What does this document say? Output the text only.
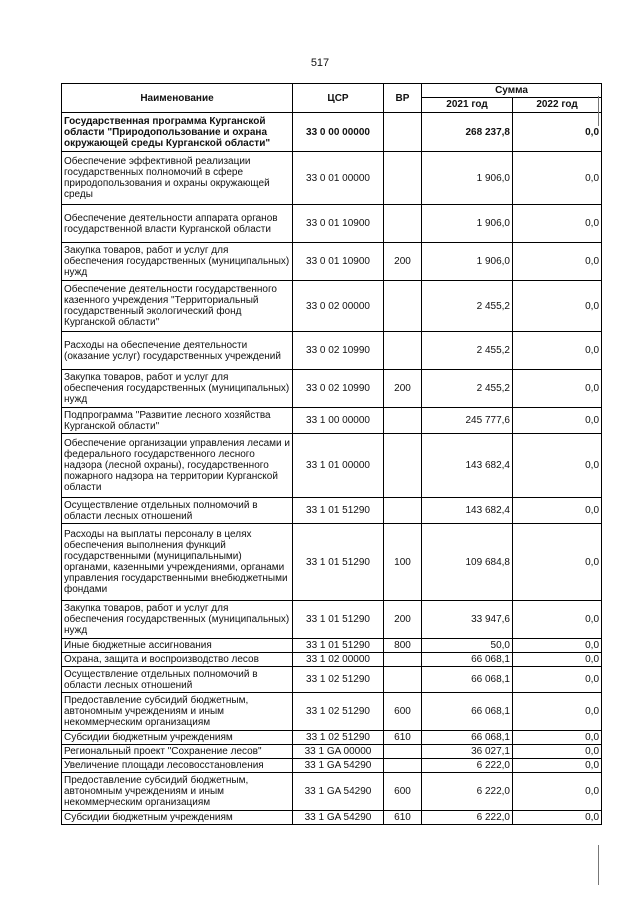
517
Наименование	ЦСР	ВР	Сумма	
			2021 год	2022 год
Государственная программа Курганской области "Природопользование и охрана окружающей среды Курганской области"	33 0 00 00000		268 237,8	0,0
Обеспечение эффективной реализации государственных полномочий в сфере природопользования и охраны окружающей среды	33 0 01 00000		1 906,0	0,0
Обеспечение деятельности аппарата органов государственной власти Курганской области	33 0 01 10900		1 906,0	0,0
Закупка товаров, работ и услуг для обеспечения государственных (муниципальных) нужд	33 0 01 10900	200	1 906,0	0,0
Обеспечение деятельности государственного казенного учреждения "Территориальный государственный экологический фонд Курганской области"	33 0 02 00000		2 455,2	0,0
Расходы на обеспечение деятельности (оказание услуг) государственных учреждений	33 0 02 10990		2 455,2	0,0
Закупка товаров, работ и услуг для обеспечения государственных (муниципальных) нужд	33 0 02 10990	200	2 455,2	0,0
Подпрограмма "Развитие лесного хозяйства Курганской области"	33 1 00 00000		245 777,6	0,0
Обеспечение организации управления лесами и федерального государственного лесного надзора (лесной охраны), государственного пожарного надзора на территории Курганской области	33 1 01 00000		143 682,4	0,0
Осуществление отдельных полномочий в области лесных отношений	33 1 01 51290		143 682,4	0,0
Расходы на выплаты персоналу в целях обеспечения выполнения функций государственными (муниципальными) органами, казенными учреждениями, органами управления государственными внебюджетными фондами	33 1 01 51290	100	109 684,8	0,0
Закупка товаров, работ и услуг для обеспечения государственных (муниципальных) нужд	33 1 01 51290	200	33 947,6	0,0
Иные бюджетные ассигнования	33 1 01 51290	800	50,0	0,0
Охрана, защита и воспроизводство лесов	33 1 02 00000		66 068,1	0,0
Осуществление отдельных полномочий в области лесных отношений	33 1 02 51290		66 068,1	0,0
Предоставление субсидий бюджетным, автономным учреждениям и иным некоммерческим организациям	33 1 02 51290	600	66 068,1	0,0
Субсидии бюджетным учреждениям	33 1 02 51290	610	66 068,1	0,0
Региональный проект "Сохранение лесов"	33 1 GA 00000		36 027,1	0,0
Увеличение площади лесовосстановления	33 1 GA 54290		6 222,0	0,0
Предоставление субсидий бюджетным, автономным учреждениям и иным некоммерческим организациям	33 1 GA 54290	600	6 222,0	0,0
Субсидии бюджетным учреждениям	33 1 GA 54290	610	6 222,0	0,0
